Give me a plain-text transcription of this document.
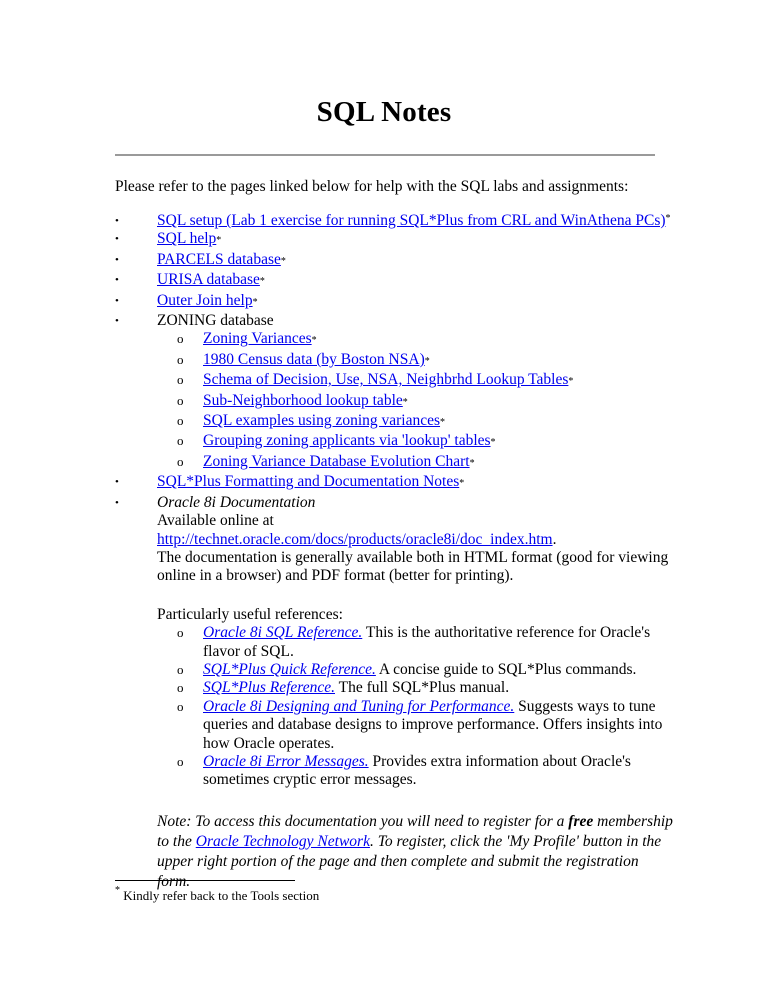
SQL Notes

Please refer to the pages linked below for help with the SQL labs and assignments:

• SQL setup (Lab 1 exercise for running SQL*Plus from CRL and WinAthena PCs)*
• SQL help*
• PARCELS database*
• URISA database*
• Outer Join help*
• ZONING database
o Zoning Variances*
o 1980 Census data (by Boston NSA)*
o Schema of Decision, Use, NSA, Neighbrhd Lookup Tables*
o Sub-Neighborhood lookup table*
o SQL examples using zoning variances*
o Grouping zoning applicants via 'lookup' tables*
o Zoning Variance Database Evolution Chart*
• SQL*Plus Formatting and Documentation Notes*
• Oracle 8i Documentation
Available online at
http://technet.oracle.com/docs/products/oracle8i/doc_index.htm.
The documentation is generally available both in HTML format (good for viewing online in a browser) and PDF format (better for printing).
Particularly useful references:
o Oracle 8i SQL Reference. This is the authoritative reference for Oracle's flavor of SQL.
o SQL*Plus Quick Reference. A concise guide to SQL*Plus commands.
o SQL*Plus Reference. The full SQL*Plus manual.
o Oracle 8i Designing and Tuning for Performance. Suggests ways to tune queries and database designs to improve performance. Offers insights into how Oracle operates.
o Oracle 8i Error Messages. Provides extra information about Oracle's sometimes cryptic error messages.
Note: To access this documentation you will need to register for a free membership to the Oracle Technology Network. To register, click the 'My Profile' button in the upper right portion of the page and then complete and submit the registration form.
* Kindly refer back to the Tools section
